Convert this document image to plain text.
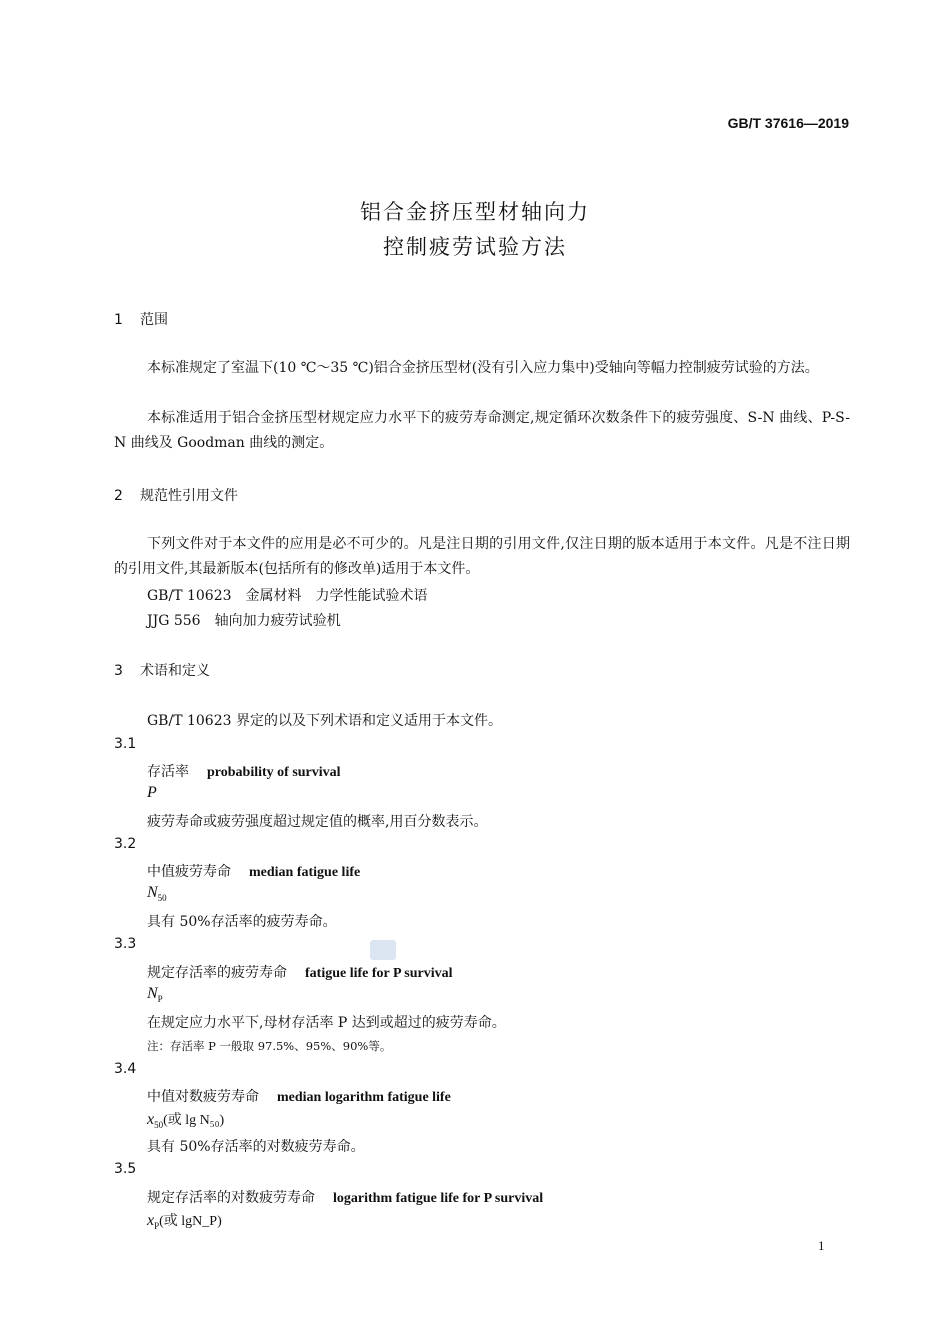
GB/T 37616—2019
铝合金挤压型材轴向力
控制疲劳试验方法
1 范围
本标准规定了室温下(10 ℃～35 ℃)铝合金挤压型材(没有引入应力集中)受轴向等幅力控制疲劳试验的方法。
本标准适用于铝合金挤压型材规定应力水平下的疲劳寿命测定,规定循环次数条件下的疲劳强度、S-N 曲线、P-S-N 曲线及 Goodman 曲线的测定。
2 规范性引用文件
下列文件对于本文件的应用是必不可少的。凡是注日期的引用文件,仅注日期的版本适用于本文件。凡是不注日期的引用文件,其最新版本(包括所有的修改单)适用于本文件。
GB/T 10623　金属材料　力学性能试验术语
JJG 556　轴向加力疲劳试验机
3 术语和定义
GB/T 10623 界定的以及下列术语和定义适用于本文件。
3.1
存活率 probability of survival
P
疲劳寿命或疲劳强度超过规定值的概率,用百分数表示。
3.2
中值疲劳寿命 median fatigue life
$N_{50}$
具有 50%存活率的疲劳寿命。
3.3
规定存活率的疲劳寿命 fatigue life for P survival
$N_P$
在规定应力水平下,母材存活率 P 达到或超过的疲劳寿命。
注：存活率 P 一般取 97.5%、95%、90%等。
3.4
中值对数疲劳寿命 median logarithm fatigue life
$x_{50}$(或 lg N₅₀)
具有 50%存活率的对数疲劳寿命。
3.5
规定存活率的对数疲劳寿命 logarithm fatigue life for P survival
$x_P$(或 lgN_P)
1
